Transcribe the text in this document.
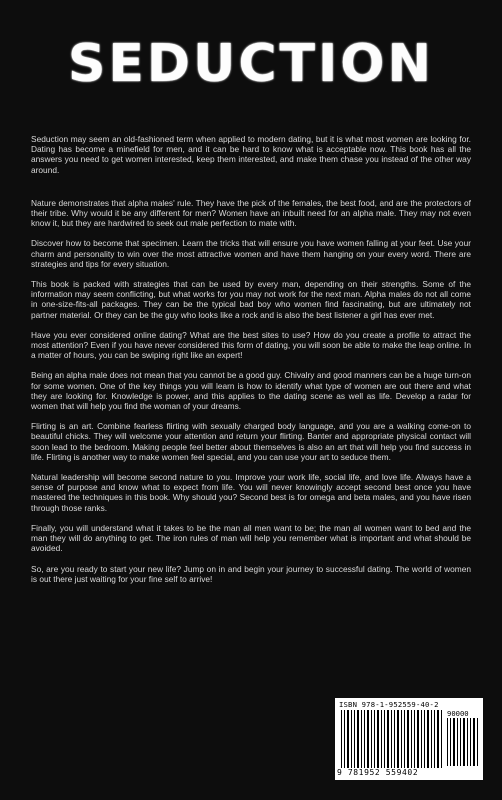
SEDUCTION

Seduction may seem an old-fashioned term when applied to modern dating, but it is what most women are looking for. Dating has become a minefield for men, and it can be hard to know what is acceptable now. This book has all the answers you need to get women interested, keep them interested, and make them chase you instead of the other way around.

Nature demonstrates that alpha males' rule. They have the pick of the females, the best food, and are the protectors of their tribe. Why would it be any different for men? Women have an inbuilt need for an alpha male. They may not even know it, but they are hardwired to seek out male perfection to mate with.

Discover how to become that specimen. Learn the tricks that will ensure you have women falling at your feet. Use your charm and personality to win over the most attractive women and have them hanging on your every word. There are strategies and tips for every situation.

This book is packed with strategies that can be used by every man, depending on their strengths. Some of the information may seem conflicting, but what works for you may not work for the next man. Alpha males do not all come in one-size-fits-all packages. They can be the typical bad boy who women find fascinating, but are ultimately not partner material. Or they can be the guy who looks like a rock and is also the best listener a girl has ever met.

Have you ever considered online dating? What are the best sites to use? How do you create a profile to attract the most attention? Even if you have never considered this form of dating, you will soon be able to make the leap online. In a matter of hours, you can be swiping right like an expert!

Being an alpha male does not mean that you cannot be a good guy. Chivalry and good manners can be a huge turn-on for some women. One of the key things you will learn is how to identify what type of women are out there and what they are looking for. Knowledge is power, and this applies to the dating scene as well as life. Develop a radar for women that will help you find the woman of your dreams.

Flirting is an art. Combine fearless flirting with sexually charged body language, and you are a walking come-on to beautiful chicks. They will welcome your attention and return your flirting. Banter and appropriate physical contact will soon lead to the bedroom. Making people feel better about themselves is also an art that will help you find success in life. Flirting is another way to make women feel special, and you can use your art to seduce them.

Natural leadership will become second nature to you. Improve your work life, social life, and love life. Always have a sense of purpose and know what to expect from life. You will never knowingly accept second best once you have mastered the techniques in this book. Why should you? Second best is for omega and beta males, and you have risen through those ranks.

Finally, you will understand what it takes to be the man all men want to be; the man all women want to bed and the man they will do anything to get. The iron rules of man will help you remember what is important and what should be avoided.

So, are you ready to start your new life? Jump on in and begin your journey to successful dating. The world of women is out there just waiting for your fine self to arrive!

ISBN 978-1-952559-40-2
90000
9 781952 559402
